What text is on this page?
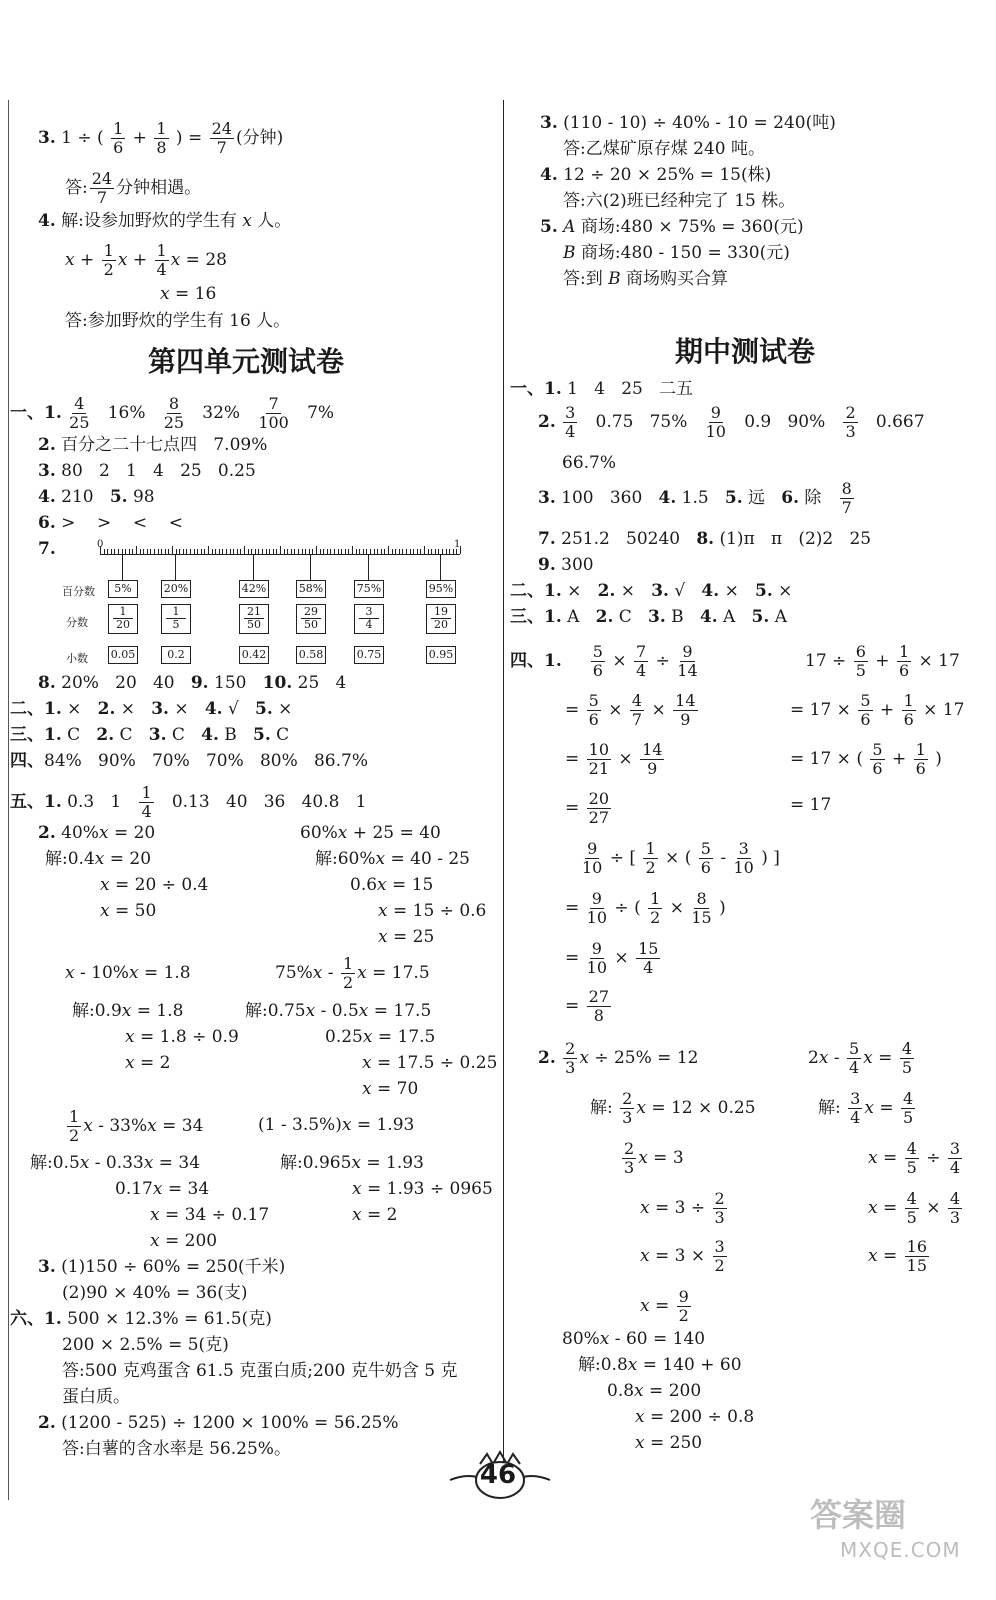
3. 1 ÷ ( $\frac{1}{6} + \frac{1}{8}$ ) = $\frac{24}{7}$ (分钟)
答: $\frac{24}{7}$ 分钟相遇。
4. 解:设参加野炊的学生有 x 人。
$x + \frac{1}{2}$ $x + \frac{1}{4}$ x = 28
x = 16
答:参加野炊的学生有 16 人。
第四单元测试卷
一、1. $\frac{4}{25} 16\% \frac{8}{25} 32\% \frac{7}{100} 7\%$
2. 百分之二十七点四   7.09%
3. 80   2   1   4   25   0.25
4. 210   5. 98
6. >    >    <    <
7.	0	1
百分数
分数
小数
5%
1
20
0.05
20%
1
5
0.2
42%
21
50
0.42
58%
29
50
0.58
75%
3
4
0.75
95%
19
20
0.95
8. 20%   20   40   9. 150   10. 25   4
二、1. ×   2. ×   3. ×   4. √   5. ×
三、1. C   2. C   3. C   4. B   5. C
四、84%   90%   70%   70%   80%   86.7%
五、1. 0.3   $1 \frac{1}{4} 0.13$   40   36   40.8   1
2. 40%x = 20
解:0.4x = 20
x = 20 ÷ 0.4
x = 50
60%x + 25 = 40
解:60%x = 40 - 25
0.6x = 15
x = 15 ÷ 0.6
x = 25
x - 10%x = 1.8
解:0.9x = 1.8
x = 1.8 ÷ 0.9
x = 2
$75\%x - \frac{1}{2}$ x = 17.5
解:0.75x - 0.5x = 17.5
0.25x = 17.5
x = 17.5 ÷ 0.25
x = 70
$\frac{1}{2}$ x - 33%x = 34
解:0.5x - 0.33x = 34
0.17x = 34
x = 34 ÷ 0.17
x = 200
(1 - 3.5%)x = 1.93
解:0.965x = 1.93
x = 1.93 ÷ 0965
x = 2
3. (1)150 ÷ 60% = 250(千米)
(2)90 × 40% = 36(支)
六、1. 500 × 12.3% = 61.5(克)
200 × 2.5% = 5(克)
答:500 克鸡蛋含 61.5 克蛋白质;200 克牛奶含 5 克
蛋白质。
2. (1200 - 525) ÷ 1200 × 100% = 56.25%
答:白薯的含水率是 56.25%。
3. (110 - 10) ÷ 40% - 10 = 240(吨)
答:乙煤矿原存煤 240 吨。
4. 12 ÷ 20 × 25% = 15(株)
答:六(2)班已经种完了 15 株。
5. A 商场:480 × 75% = 360(元)
B 商场:480 - 150 = 330(元)
答:到 B 商场购买合算
期中测试卷
一、1. 1   4   25   二五
2. $\frac{3}{4} 0.75$   $75\% \frac{9}{10} 0.9$   $90\% \frac{2}{3} 0.667$
66.7%
3. 100   360   4. 1.5   5. 远   6. 除 $\frac{8}{7}$
7. 251.2   50240   8. (1)π   π   (2)2   25
9. 300
二、1. ×   2. ×   3. √   4. ×   5. ×
三、1. A   2. C   3. B   4. A   5. A
四、1. $\frac{5}{6} \times \frac{7}{4} \div \frac{9}{14}$
= $\frac{5}{6} \times \frac{4}{7} \times \frac{14}{9}$
= $\frac{10}{21} \times \frac{14}{9}$
= $\frac{20}{27}$
$17 \div \frac{6}{5} + \frac{1}{6} \times 17$
= $17 \times \frac{5}{6} + \frac{1}{6} \times 17$
= 17 × ( $\frac{5}{6} + \frac{1}{6}$ )
= 17
$\frac{9}{10}$ ÷ [ $\frac{1}{2}$ × ( $\frac{5}{6} - \frac{3}{10}$ ) ]
= $\frac{9}{10}$ ÷ ( $\frac{1}{2} \times \frac{8}{15}$ )
= $\frac{9}{10} \times \frac{15}{4}$
= $\frac{27}{8}$
2. $\frac{2}{3}$ x ÷ 25% = 12
解: $\frac{2}{3}$ x = 12 × 0.25
$\frac{2}{3}$ x = 3
$x = 3 \div \frac{2}{3}$
$x = 3 \times \frac{3}{2}$
$x = \frac{9}{2}$
$2x - \frac{5}{4}$ $x = \frac{4}{5}$
解: $\frac{3}{4}$ $x = \frac{4}{5}$
$x = \frac{4}{5} \div \frac{3}{4}$
$x = \frac{4}{5} \times \frac{4}{3}$
$x = \frac{16}{15}$
80%x - 60 = 140
解:0.8x = 140 + 60
0.8x = 200
x = 200 ÷ 0.8
x = 250
46
答案圈
MXQE.COM
